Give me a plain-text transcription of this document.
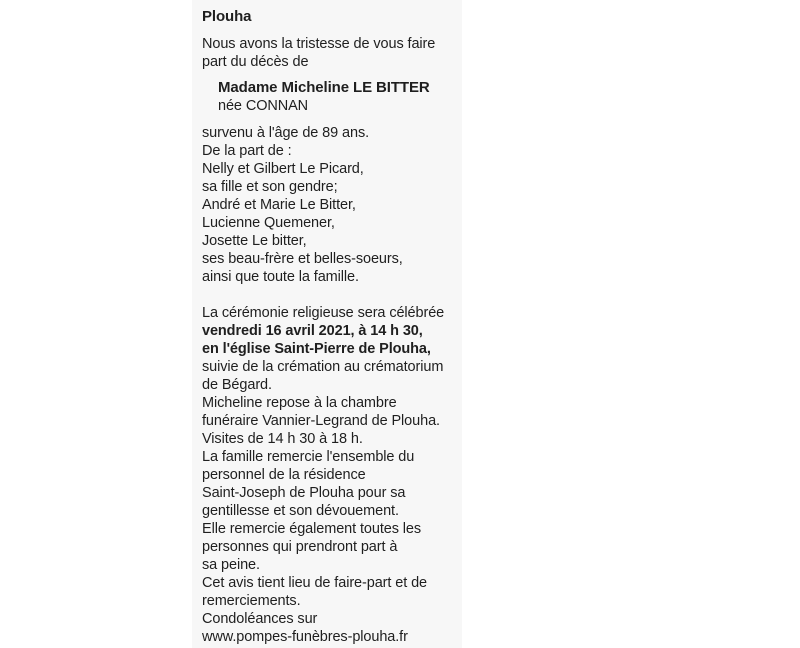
Plouha
Nous avons la tristesse de vous faire
part du décès de
Madame Micheline LE BITTER
née CONNAN
survenu à l'âge de 89 ans.
De la part de :
Nelly et Gilbert Le Picard,
sa fille et son gendre;
André et Marie Le Bitter,
Lucienne Quemener,
Josette Le bitter,
ses beau-frère et belles-soeurs,
ainsi que toute la famille.
La cérémonie religieuse sera célébrée
vendredi 16 avril 2021, à 14 h 30,
en l'église Saint-Pierre de Plouha,
suivie de la crémation au crématorium
de Bégard.
Micheline repose à la chambre
funéraire Vannier-Legrand de Plouha.
Visites de 14 h 30 à 18 h.
La famille remercie l'ensemble du
personnel de la résidence
Saint-Joseph de Plouha pour sa
gentillesse et son dévouement.
Elle remercie également toutes les
personnes qui prendront part à
sa peine.
Cet avis tient lieu de faire-part et de
remerciements.
Condoléances sur
www.pompes-funèbres-plouha.fr
